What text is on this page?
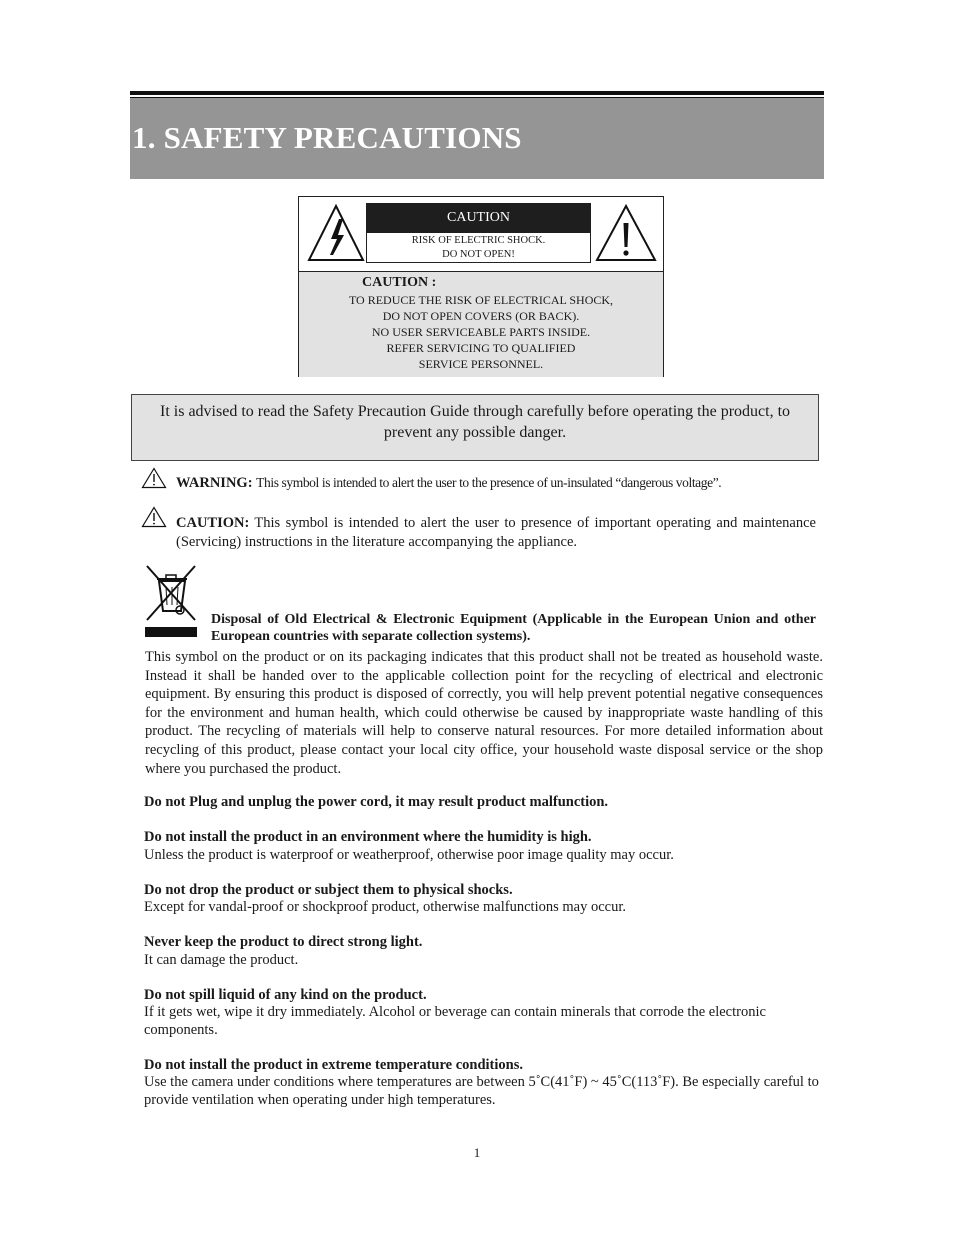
1. SAFETY PRECAUTIONS
CAUTION
RISK OF ELECTRIC SHOCK.
DO NOT OPEN!
CAUTION :
TO REDUCE THE RISK OF ELECTRICAL SHOCK,
DO NOT OPEN COVERS (OR BACK).
NO USER SERVICEABLE PARTS INSIDE.
REFER SERVICING TO QUALIFIED
SERVICE PERSONNEL.
It is advised to read the Safety Precaution Guide through carefully before operating the product, to prevent any possible danger.
WARNING: This symbol is intended to alert the user to the presence of un-insulated “dangerous voltage”.
CAUTION: This symbol is intended to alert the user to presence of important operating and maintenance (Servicing) instructions in the literature accompanying the appliance.
Disposal of Old Electrical & Electronic Equipment (Applicable in the European Union and other European countries with separate collection systems).
This symbol on the product or on its packaging indicates that this product shall not be treated as household waste. Instead it shall be handed over to the applicable collection point for the recycling of electrical and electronic equipment. By ensuring this product is disposed of correctly, you will help prevent potential negative consequences for the environment and human health, which could otherwise be caused by inappropriate waste handling of this product. The recycling of materials will help to conserve natural resources. For more detailed information about recycling of this product, please contact your local city office, your household waste disposal service or the shop where you purchased the product.
Do not Plug and unplug the power cord, it may result product malfunction.
Do not install the product in an environment where the humidity is high.
Unless the product is waterproof or weatherproof, otherwise poor image quality may occur.
Do not drop the product or subject them to physical shocks.
Except for vandal-proof or shockproof product, otherwise malfunctions may occur.
Never keep the product to direct strong light.
It can damage the product.
Do not spill liquid of any kind on the product.
If it gets wet, wipe it dry immediately. Alcohol or beverage can contain minerals that corrode the electronic components.
Do not install the product in extreme temperature conditions.
Use the camera under conditions where temperatures are between 5˚C(41˚F) ~ 45˚C(113˚F). Be especially careful to provide ventilation when operating under high temperatures.
1
